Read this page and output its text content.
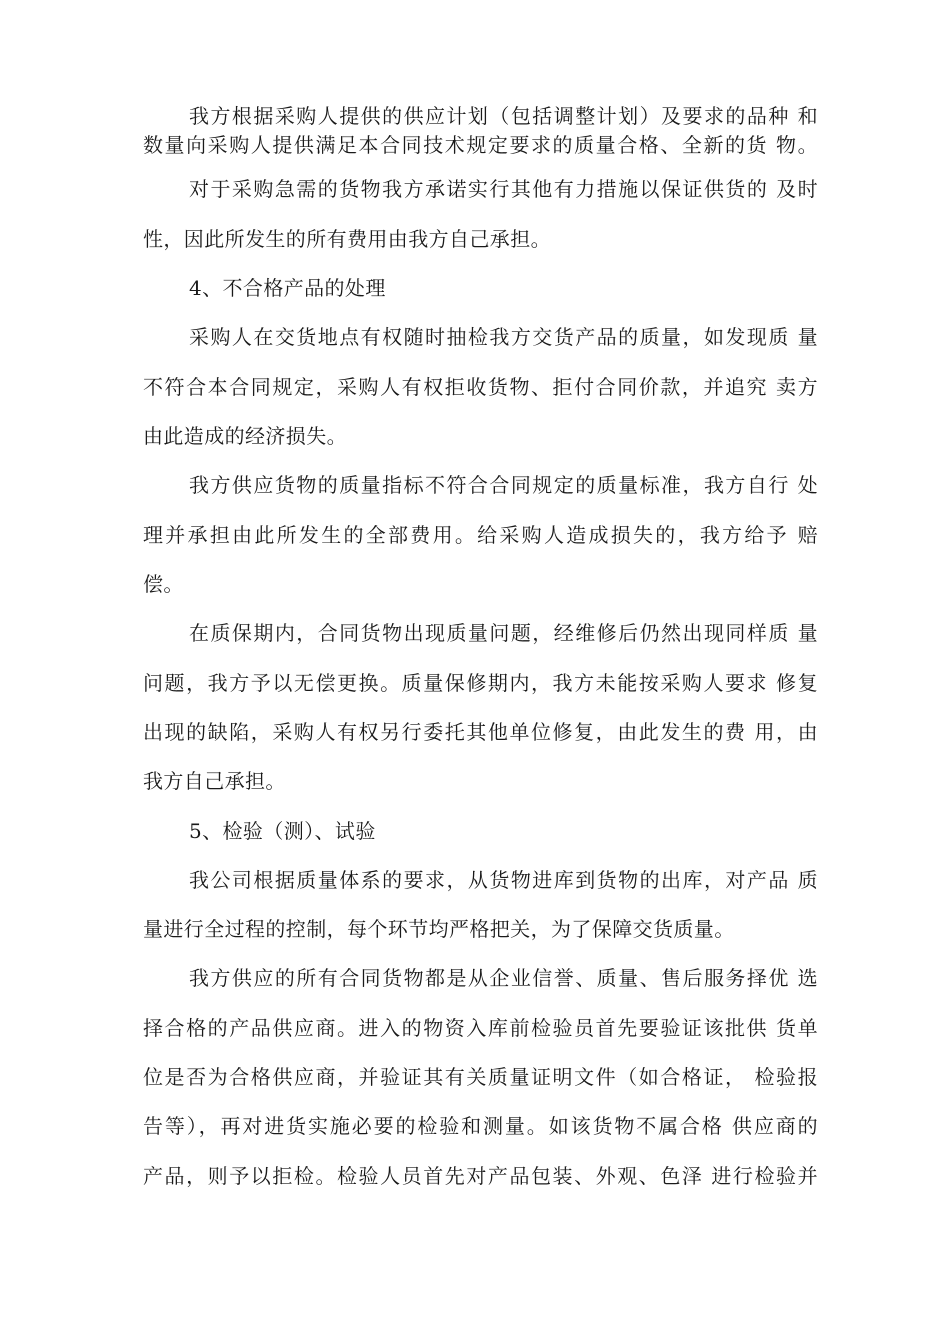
我方根据采购人提供的供应计划（包括调整计划）及要求的品种 和
数量向采购人提供满足本合同技术规定要求的质量合格、全新的货 物。
对于采购急需的货物我方承诺实行其他有力措施以保证供货的 及时
性，因此所发生的所有费用由我方自己承担。
4、不合格产品的处理
采购人在交货地点有权随时抽检我方交货产品的质量，如发现质 量
不符合本合同规定，采购人有权拒收货物、拒付合同价款，并追究 卖方
由此造成的经济损失。
我方供应货物的质量指标不符合合同规定的质量标准，我方自行 处
理并承担由此所发生的全部费用。给采购人造成损失的，我方给予 赔
偿。
在质保期内，合同货物出现质量问题，经维修后仍然出现同样质 量
问题，我方予以无偿更换。质量保修期内，我方未能按采购人要求 修复
出现的缺陷，采购人有权另行委托其他单位修复，由此发生的费 用，由
我方自己承担。
5、检验（测）、试验
我公司根据质量体系的要求，从货物进库到货物的出库，对产品 质
量进行全过程的控制，每个环节均严格把关，为了保障交货质量。
我方供应的所有合同货物都是从企业信誉、质量、售后服务择优 选
择合格的产品供应商。进入的物资入库前检验员首先要验证该批供 货单
位是否为合格供应商，并验证其有关质量证明文件（如合格证， 检验报
告等），再对进货实施必要的检验和测量。如该货物不属合格 供应商的
产品，则予以拒检。检验人员首先对产品包装、外观、色泽 进行检验并
